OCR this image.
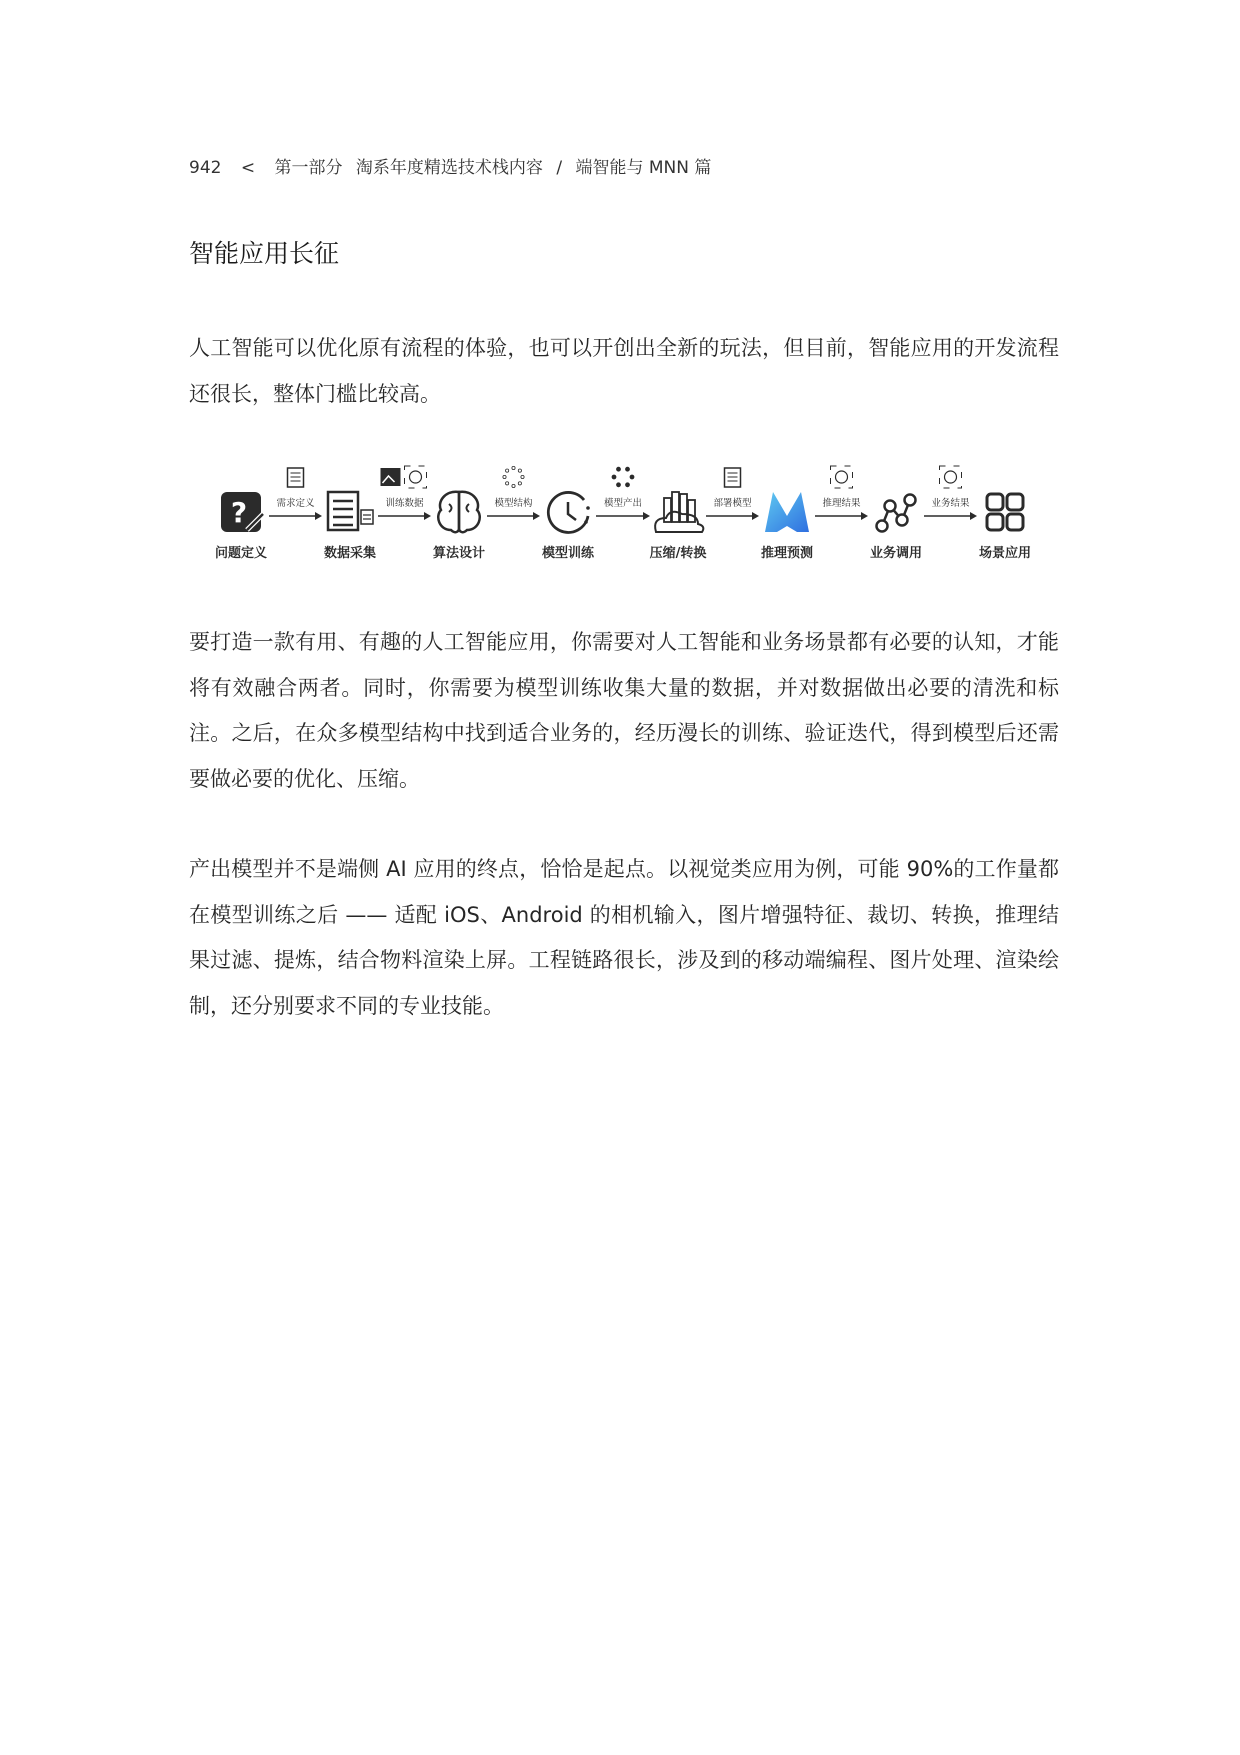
942 < 第一部分 淘系年度精选技术栈内容 / 端智能与 MNN 篇
智能应用长征

人工智能可以优化原有流程的体验，也可以开创出全新的玩法，但目前，智能应用的开发流程还很长，整体门槛比较高。

?
问题定义	数据采集	算法设计	模型训练	压缩/转换	推理预测	业务调用	场景应用
需求定义	训练数据	模型结构	模型产出	部署模型	推理结果	业务结果

要打造一款有用、有趣的人工智能应用，你需要对人工智能和业务场景都有必要的认知，才能将有效融合两者。同时，你需要为模型训练收集大量的数据，并对数据做出必要的清洗和标注。之后，在众多模型结构中找到适合业务的，经历漫长的训练、验证迭代，得到模型后还需要做必要的优化、压缩。

产出模型并不是端侧 AI 应用的终点，恰恰是起点。以视觉类应用为例，可能 90%的工作量都在模型训练之后 —— 适配 iOS、Android 的相机输入，图片增强特征、裁切、转换，推理结果过滤、提炼，结合物料渲染上屏。工程链路很长，涉及到的移动端编程、图片处理、渲染绘制，还分别要求不同的专业技能。
